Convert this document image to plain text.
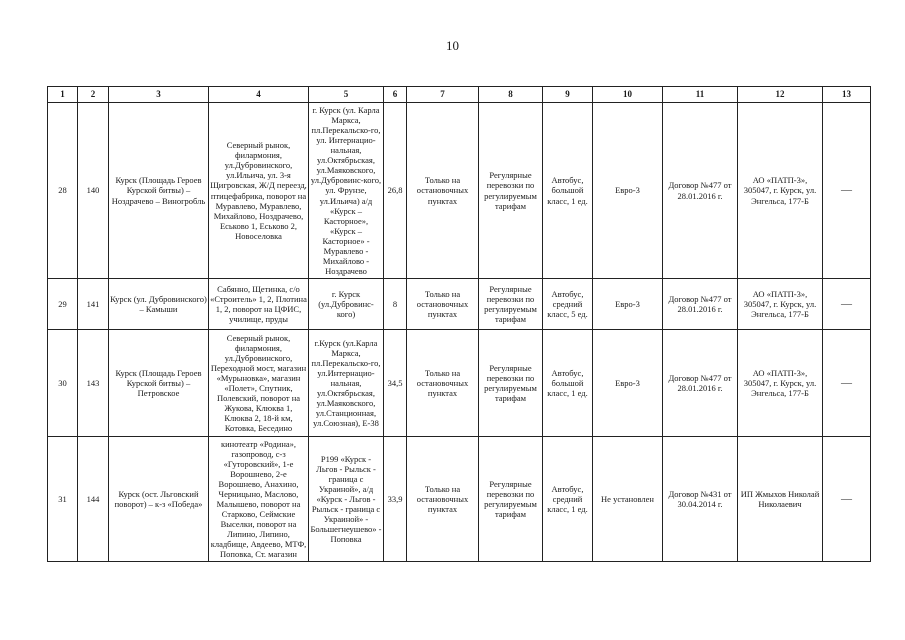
10
1	2	3	4	5	6	7	8	9	10	11	12	13
28	140	Курск (Площадь Героев Курской битвы) – Ноздрачево – Виногробль	Северный рынок, филармония, ул.Дубровинского, ул.Ильича, ул. 3-я Щигровская, Ж/Д переезд, птицефабрика, поворот на Муравлево, Муравлево, Михайлово, Ноздрачево, Еськово 1, Еськово 2, Новоселовка	г. Курск (ул. Карла Маркса, пл.Перекальско-го, ул. Интернацио-нальная, ул.Октябрьская, ул.Маяковского, ул.Дубровинс-кого, ул. Фрунзе, ул.Ильича) а/д «Курск – Касторное», «Курск – Касторное» - Муравлево - Михайлово - Ноздрачево	26,8	Только на остановочных пунктах	Регулярные перевозки по регулируемым тарифам	Автобус, большой класс, 1 ед.	Евро-3	Договор №477 от 28.01.2016 г.	АО «ПАТП-3», 305047, г. Курск, ул. Энгельса, 177-Б	—
29	141	Курск (ул. Дубровинского) – Камыши	Сабянно, Щетинка, с/о «Строитель» 1, 2, Плотина 1, 2, поворот на ЦФИС, училище, пруды	г. Курск (ул.Дубровинс-кого)	8	Только на остановочных пунктах	Регулярные перевозки по регулируемым тарифам	Автобус, средний класс, 5 ед.	Евро-3	Договор №477 от 28.01.2016 г.	АО «ПАТП-3», 305047, г. Курск, ул. Энгельса, 177-Б	—
30	143	Курск (Площадь Героев Курской битвы) – Петровское	Северный рынок, филармония, ул.Дубровинского, Переходной мост, магазин «Мурыновка», магазин «Полет», Спутник, Полевский, поворот на Жукова, Клюква 1, Клюква 2, 18-й км, Котовка, Бесединo	г.Курск (ул.Карла Маркса, пл.Перекальско-го, ул.Интернацио-нальная, ул.Октябрьская, ул.Маяковского, ул.Станционная, ул.Союзная), Е-38	34,5	Только на остановочных пунктах	Регулярные перевозки по регулируемым тарифам	Автобус, большой класс, 1 ед.	Евро-3	Договор №477 от 28.01.2016 г.	АО «ПАТП-3», 305047, г. Курск, ул. Энгельса, 177-Б	—
31	144	Курск (ост. Льговский поворот) – к-з «Победа»	кинотеатр «Родина», газопровод, с-з «Гуторовский», 1-е Ворошнево, 2-е Ворошнево, Анахино, Черницыно, Маслово, Малышево, поворот на Старково, Сеймские Выселки, поворот на Липино, Липино, кладбище, Авдеево, МТФ, Поповка, Ст. магазин	Р199 «Курск - Льгов - Рыльск - граница с Украиной», а/д «Курск - Льгов - Рыльск - граница с Украиной» - Большегнеушево» - Поповка	33,9	Только на остановочных пунктах	Регулярные перевозки по регулируемым тарифам	Автобус, средний класс, 1 ед.	Не установлен	Договор №431 от 30.04.2014 г.	ИП Жмыхов Николай Николаевич	—
